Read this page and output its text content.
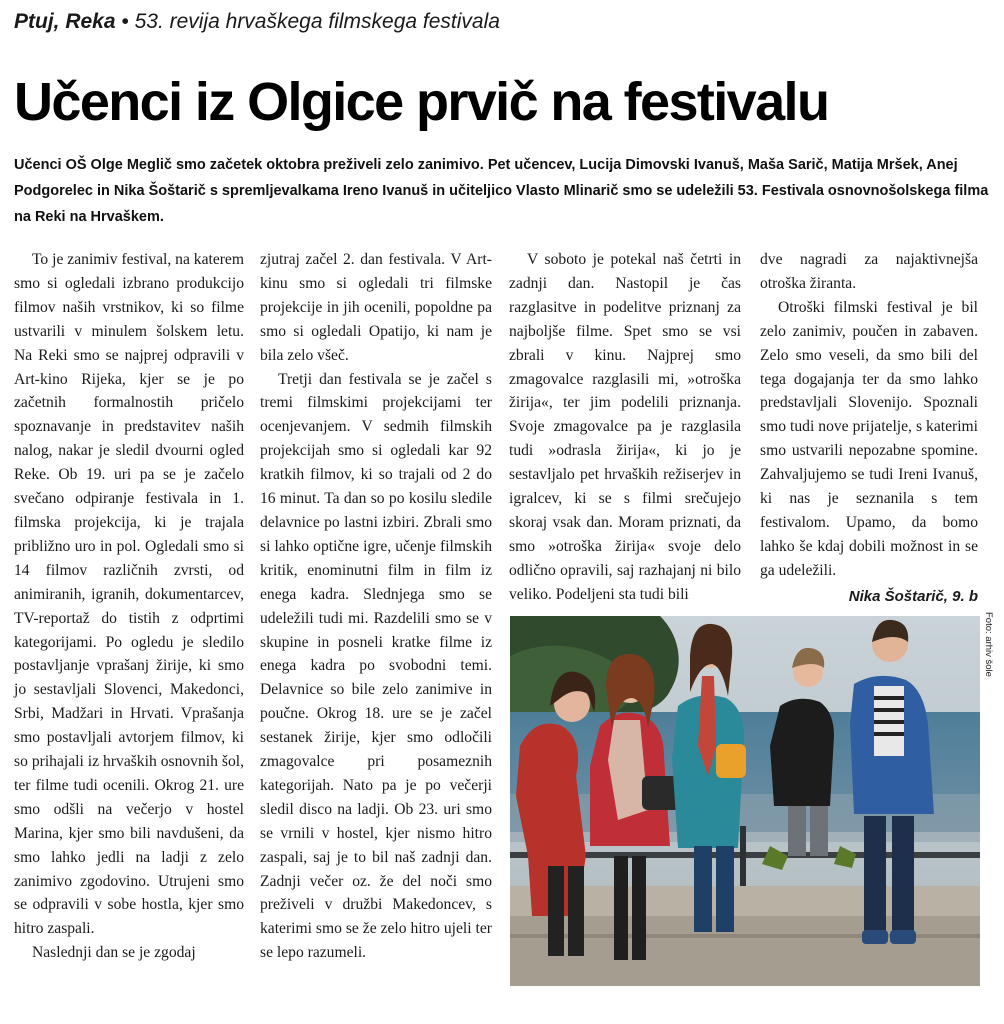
Ptuj, Reka • 53. revija hrvaškega filmskega festivala
Učenci iz Olgice prvič na festivalu
Učenci OŠ Olge Meglič smo začetek oktobra preživeli zelo zanimivo. Pet učencev, Lucija Dimovski Ivanuš, Maša Sarič, Matija Mršek, Anej Podgorelec in Nika Šoštarič s spremljevalkama Ireno Ivanuš in učiteljico Vlasto Mlinarič smo se udeležili 53. Festivala osnovnošolskega filma na Reki na Hrvaškem.

To je zanimiv festival, na katerem smo si ogledali izbrano produkcijo filmov naših vrstnikov, ki so filme ustvarili v minulem šolskem letu. Na Reki smo se najprej odpravili v Art-kino Rijeka, kjer se je po začetnih formalnostih pričelo spoznavanje in predstavitev naših nalog, nakar je sledil dvourni ogled Reke. Ob 19. uri pa se je začelo svečano odpiranje festivala in 1. filmska projekcija, ki je trajala približno uro in pol. Ogledali smo si 14 filmov različnih zvrsti, od animiranih, igranih, dokumentarcev, TV-reportaž do tistih z odprtimi kategorijami. Po ogledu je sledilo postavljanje vprašanj žirije, ki smo jo sestavljali Slovenci, Makedonci, Srbi, Madžari in Hrvati. Vprašanja smo postavljali avtorjem filmov, ki so prihajali iz hrvaških osnovnih šol, ter filme tudi ocenili. Okrog 21. ure smo odšli na večerjo v hostel Marina, kjer smo bili navdušeni, da smo lahko jedli na ladji z zelo zanimivo zgodovino. Utrujeni smo se odpravili v sobe hostla, kjer smo hitro zaspali.

Naslednji dan se je zgodaj

zjutraj začel 2. dan festivala. V Art-kinu smo si ogledali tri filmske projekcije in jih ocenili, popoldne pa smo si ogledali Opatijo, ki nam je bila zelo všeč.

Tretji dan festivala se je začel s tremi filmskimi projekcijami ter ocenjevanjem. V sedmih filmskih projekcijah smo si ogledali kar 92 kratkih filmov, ki so trajali od 2 do 16 minut. Ta dan so po kosilu sledile delavnice po lastni izbiri. Zbrali smo si lahko optične igre, učenje filmskih kritik, enominutni film in film iz enega kadra. Slednjega smo se udeležili tudi mi. Razdelili smo se v skupine in posneli kratke filme iz enega kadra po svobodni temi. Delavnice so bile zelo zanimive in poučne. Okrog 18. ure se je začel sestanek žirije, kjer smo odločili zmagovalce pri posameznih kategorijah. Nato pa je po večerji sledil disco na ladji. Ob 23. uri smo se vrnili v hostel, kjer nismo hitro zaspali, saj je to bil naš zadnji dan. Zadnji večer oz. že del noči smo preživeli v družbi Makedoncev, s katerimi smo se že zelo hitro ujeli ter se lepo razumeli.

V soboto je potekal naš četrti in zadnji dan. Nastopil je čas razglasitve in podelitve priznanj za najboljše filme. Spet smo se vsi zbrali v kinu. Najprej smo zmagovalce razglasili mi, »otroška žirija«, ter jim podelili priznanja. Svoje zmagovalce pa je razglasila tudi »odrasla žirija«, ki jo je sestavljalo pet hrvaških režiserjev in igralcev, ki se s filmi srečujejo skoraj vsak dan. Moram priznati, da smo »otroška žirija« svoje delo odlično opravili, saj razhajanj ni bilo veliko. Podeljeni sta tudi bili

dve nagradi za najaktivnejša otroška žiranta.

Otroški filmski festival je bil zelo zanimiv, poučen in zabaven. Zelo smo veseli, da smo bili del tega dogajanja ter da smo lahko predstavljali Slovenijo. Spoznali smo tudi nove prijatelje, s katerimi smo ustvarili nepozabne spomine. Zahvaljujemo se tudi Ireni Ivanuš, ki nas je seznanila s tem festivalom. Upamo, da bomo lahko še kdaj dobili možnost in se ga udeležili.

Nika Šoštarič, 9. b
Foto: arhiv šole
